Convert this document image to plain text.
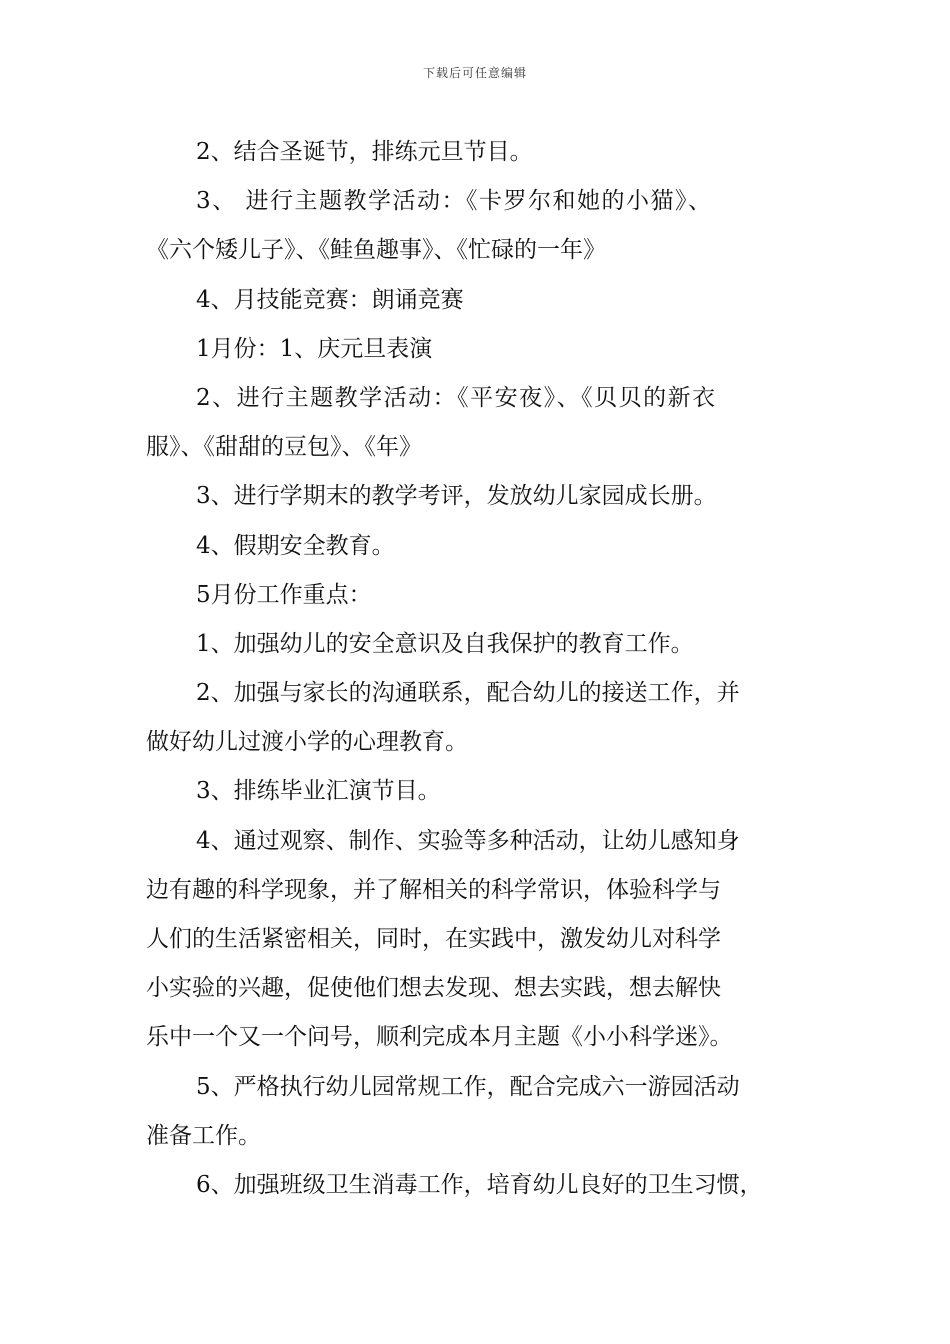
下载后可任意编辑
2、结合圣诞节，排练元旦节目。
3、 进行主题教学活动：《卡罗尔和她的小猫》、
《六个矮儿子》、《鲑鱼趣事》、《忙碌的一年》
4、月技能竞赛：朗诵竞赛
1月份：1、庆元旦表演
2、进行主题教学活动：《平安夜》、《贝贝的新衣
服》、《甜甜的豆包》、《年》
3、进行学期末的教学考评，发放幼儿家园成长册。
4、假期安全教育。
5月份工作重点：
1、加强幼儿的安全意识及自我保护的教育工作。
2、加强与家长的沟通联系，配合幼儿的接送工作，并
做好幼儿过渡小学的心理教育。
3、排练毕业汇演节目。
4、通过观察、制作、实验等多种活动，让幼儿感知身
边有趣的科学现象，并了解相关的科学常识，体验科学与
人们的生活紧密相关，同时，在实践中，激发幼儿对科学
小实验的兴趣，促使他们想去发现、想去实践，想去解快
乐中一个又一个问号，顺利完成本月主题《小小科学迷》。
5、严格执行幼儿园常规工作，配合完成六一游园活动
准备工作。
6、加强班级卫生消毒工作，培育幼儿良好的卫生习惯，
